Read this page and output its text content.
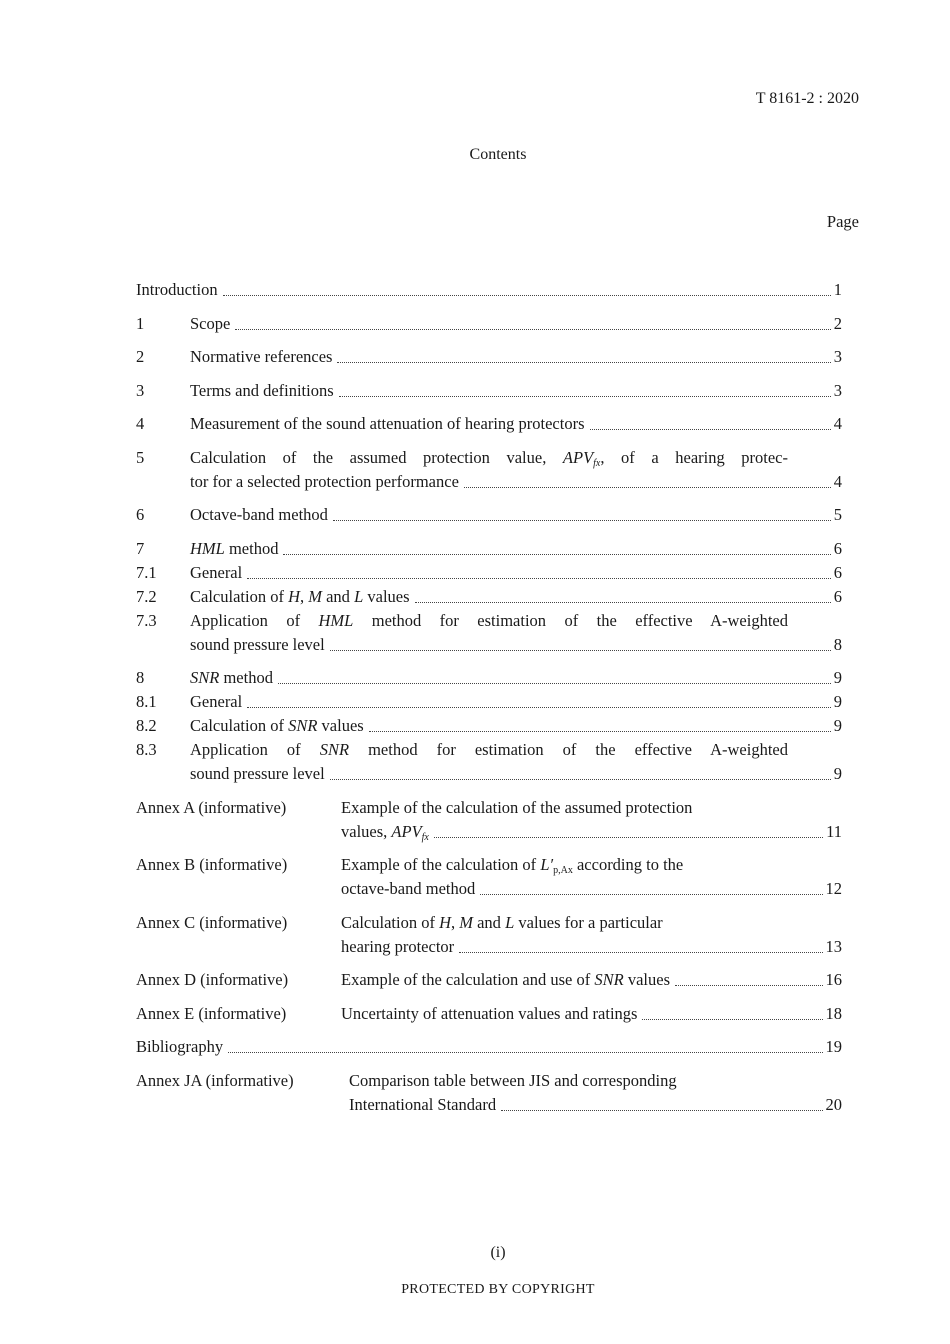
T 8161-2 : 2020
Contents
Page
Introduction	1
1	Scope	2
2	Normative references	3
3	Terms and definitions	3
4	Measurement of the sound attenuation of hearing protectors	4
5	Calculation of the assumed protection value, $APV_{fx}$, of a hearing protec-
tor for a selected protection performance	4
6	Octave-band method	5
7	HML method	6
7.1	General	6
7.2	Calculation of H, M and L values	6
7.3	Application of HML method for estimation of the effective A-weighted
sound pressure level	8
8	SNR method	9
8.1	General	9
8.2	Calculation of SNR values	9
8.3	Application of SNR method for estimation of the effective A-weighted
sound pressure level	9
Annex A (informative)	Example of the calculation of the assumed protection
values, $APV_{fx}$	11
Annex B (informative)	Example of the calculation of $L'_{p,Ax}$ according to the
octave-band method	12
Annex C (informative)	Calculation of H, M and L values for a particular
hearing protector	13
Annex D (informative)	Example of the calculation and use of SNR values	16
Annex E (informative)	Uncertainty of attenuation values and ratings	18
Bibliography	19
Annex JA (informative)	Comparison table between JIS and corresponding
International Standard	20
(i)
PROTECTED BY COPYRIGHT
